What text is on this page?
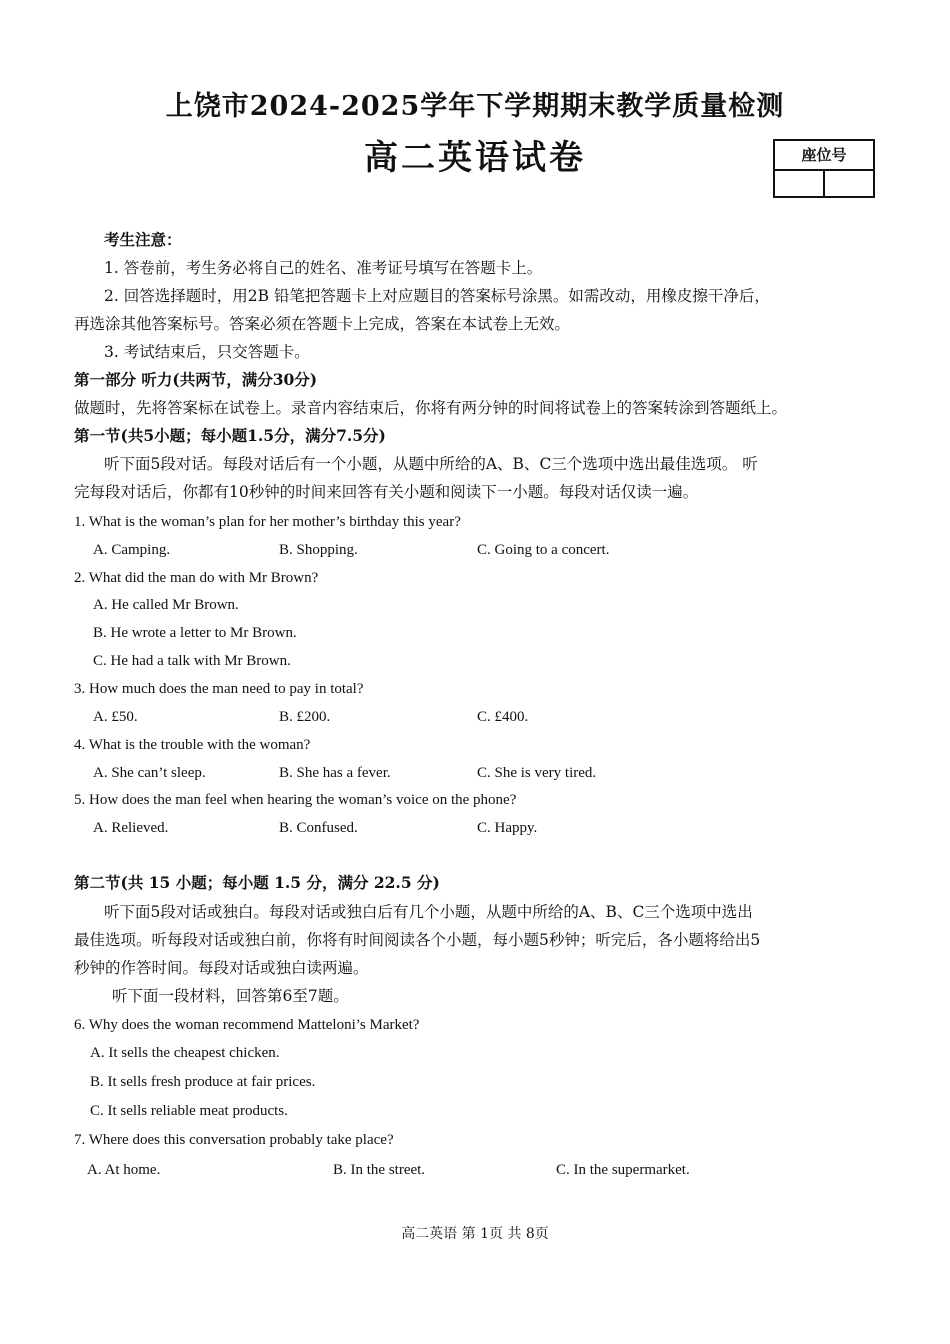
上饶市2024-2025学年下学期期末教学质量检测
高二英语试卷	座位号
考生注意：
1. 答卷前，考生务必将自己的姓名、准考证号填写在答题卡上。
2. 回答选择题时，用2B 铅笔把答题卡上对应题目的答案标号涂黑。如需改动，用橡皮擦干净后，
再选涂其他答案标号。答案必须在答题卡上完成，答案在本试卷上无效。
3. 考试结束后，只交答题卡。
第一部分 听力(共两节，满分30分)
做题时，先将答案标在试卷上。录音内容结束后，你将有两分钟的时间将试卷上的答案转涂到答题纸上。
第一节(共5小题；每小题1.5分，满分7.5分)
听下面5段对话。每段对话后有一个小题，从题中所给的A、B、C三个选项中选出最佳选项。 听
完每段对话后，你都有10秒钟的时间来回答有关小题和阅读下一小题。每段对话仅读一遍。
1. What is the woman’s plan for her mother’s birthday this year?
A. Camping.	B. Shopping.	C. Going to a concert.
2. What did the man do with Mr Brown?
A. He called Mr Brown.
B. He wrote a letter to Mr Brown.
C. He had a talk with Mr Brown.
3. How much does the man need to pay in total?
A. £50.	B. £200.	C. £400.
4. What is the trouble with the woman?
A. She can’t sleep.	B. She has a fever.	C. She is very tired.
5. How does the man feel when hearing the woman’s voice on the phone?
A. Relieved.	B. Confused.	C. Happy.
第二节(共 15 小题；每小题 1.5 分，满分 22.5 分)
听下面5段对话或独白。每段对话或独白后有几个小题，从题中所给的A、B、C三个选项中选出
最佳选项。听每段对话或独白前，你将有时间阅读各个小题，每小题5秒钟；听完后，各小题将给出5
秒钟的作答时间。每段对话或独白读两遍。
听下面一段材料，回答第6至7题。
6. Why does the woman recommend Matteloni’s Market?
A. It sells the cheapest chicken.
B. It sells fresh produce at fair prices.
C. It sells reliable meat products.
7. Where does this conversation probably take place?
A. At home.	B. In the street.	C. In the supermarket.
高二英语 第 1页 共 8页
